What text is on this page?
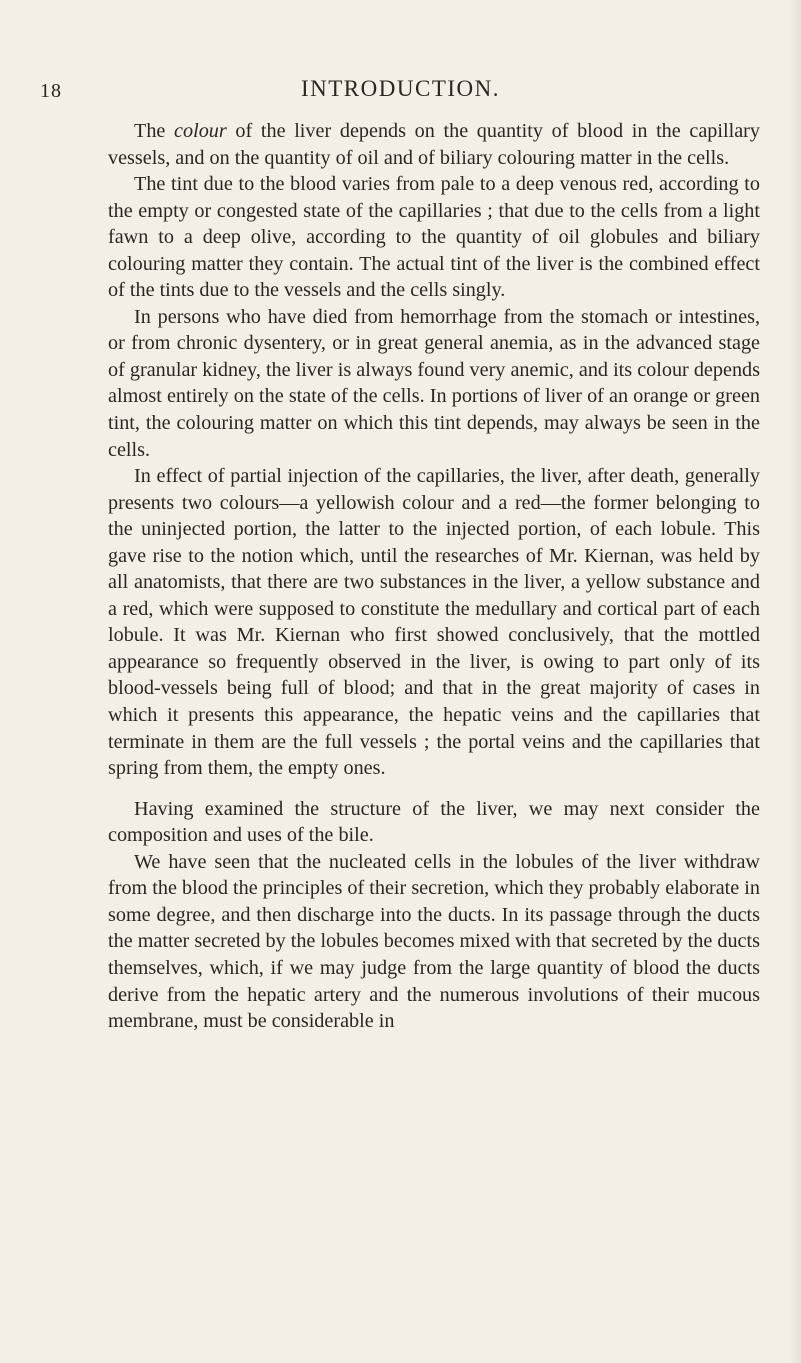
18	INTRODUCTION.

The colour of the liver depends on the quantity of blood in the capillary vessels, and on the quantity of oil and of biliary colouring matter in the cells.

The tint due to the blood varies from pale to a deep venous red, according to the empty or congested state of the capillaries ; that due to the cells from a light fawn to a deep olive, according to the quantity of oil globules and biliary colouring matter they contain. The actual tint of the liver is the combined effect of the tints due to the vessels and the cells singly.

In persons who have died from hemorrhage from the stomach or intestines, or from chronic dysentery, or in great general anemia, as in the advanced stage of granular kidney, the liver is always found very anemic, and its colour depends almost entirely on the state of the cells. In portions of liver of an orange or green tint, the colouring matter on which this tint depends, may always be seen in the cells.

In effect of partial injection of the capillaries, the liver, after death, generally presents two colours—a yellowish colour and a red—the former belonging to the uninjected portion, the latter to the injected portion, of each lobule. This gave rise to the notion which, until the researches of Mr. Kiernan, was held by all anatomists, that there are two substances in the liver, a yellow substance and a red, which were supposed to constitute the medullary and cortical part of each lobule. It was Mr. Kiernan who first showed conclusively, that the mottled appearance so frequently observed in the liver, is owing to part only of its blood-vessels being full of blood; and that in the great majority of cases in which it presents this appearance, the hepatic veins and the capillaries that terminate in them are the full vessels ; the portal veins and the capillaries that spring from them, the empty ones.

Having examined the structure of the liver, we may next consider the composition and uses of the bile.

We have seen that the nucleated cells in the lobules of the liver withdraw from the blood the principles of their secretion, which they probably elaborate in some degree, and then discharge into the ducts. In its passage through the ducts the matter secreted by the lobules becomes mixed with that secreted by the ducts themselves, which, if we may judge from the large quantity of blood the ducts derive from the hepatic artery and the numerous involutions of their mucous membrane, must be considerable in
